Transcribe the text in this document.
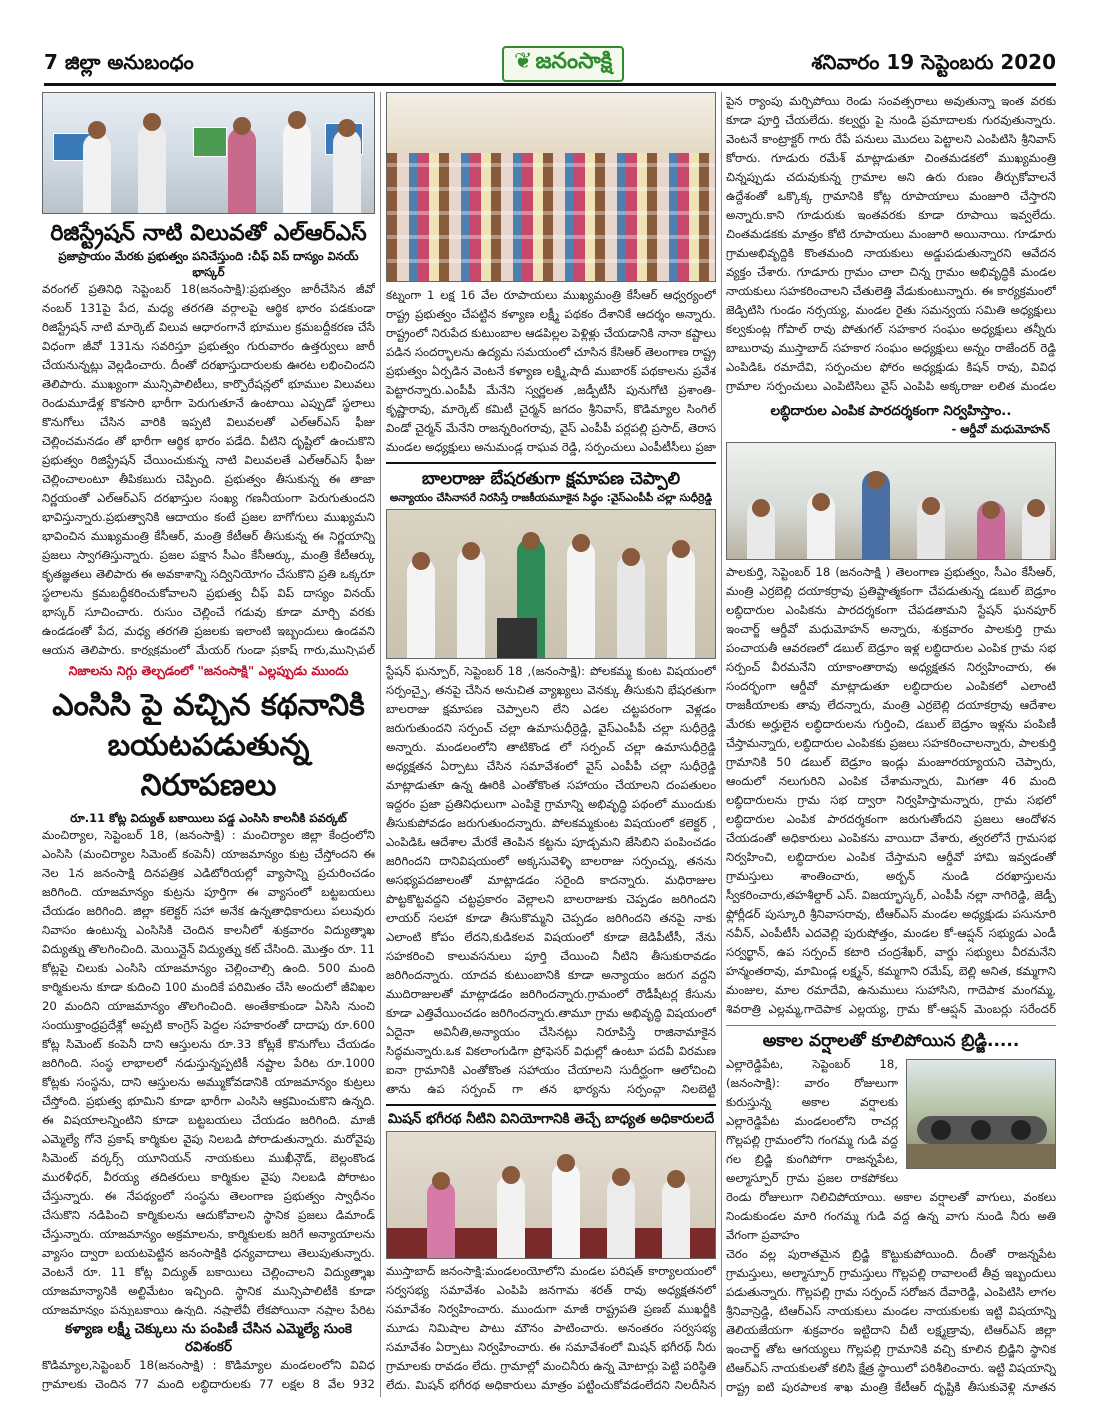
7 జిల్లా అనుబంధం	❦ జనంసాక్షి	శనివారం 19 సెప్టెంబరు 2020
రిజిస్ట్రేషన్ నాటి విలువతో ఎల్ఆర్ఎస్
ప్రజాప్రాయం మేరకు ప్రభుత్వం పనిచేస్తుంది :చీఫ్ విప్ దాస్యం వినయ్ భాస్కర్
వరంగల్ ప్రతినిధి సెప్టెంబర్ 18(జనంసాక్షి):ప్రభుత్వం జారీచేసిన జీవో నంబర్ 131పై పేద, మధ్య తరగతి వర్గాలపై ఆర్థిక భారం పడకుండా రిజిస్ట్రేషన్ నాటి మార్కెట్ విలువ ఆధారంగానే భూముల క్రమబద్దీకరణ చేసే విధంగా జీవో 131ను సవరిస్తూ ప్రభుత్వం గురువారం ఉత్తర్వులు జారీ చేయనున్నట్లు వెల్లడించారు. దీంతో దరఖాస్తుదారులకు ఊరట లభించిందని తెలిపారు. ముఖ్యంగా మున్సిపాలిటీలు, కార్పొరేషన్లలో భూముల విలువలు రెండుమూడేళ్ల కొకసారి భారీగా పెరుగుతూనే ఉంటాయి ఎప్పుడో స్థలాలు కొనుగోలు చేసిన వారికి ఇప్పటి విలువలతో ఎల్ఆర్ఎస్ ఫీజు చెల్లించమనడం తో భారీగా ఆర్థిక భారం పడేది. వీటిని దృష్టిలో ఉంచుకొని ప్రభుత్వం రిజిస్ట్రేషన్ చేయించుకున్న నాటి విలువలతే ఎల్ఆర్ఎస్ ఫీజు చెల్లించాలంటూ తీపికబురు చెప్పింది. ప్రభుత్వం తీసుకున్న ఈ తాజా నిర్ణయంతో ఎల్ఆర్ఎస్ దరఖాస్తుల సంఖ్య గణనీయంగా పెరుగుతుందని భావిస్తున్నారు.ప్రభుత్వానికి ఆదాయం కంటే ప్రజల బాగోగులు ముఖ్యమని భావించిన ముఖ్యమంత్రి కేసీఆర్, మంత్రి కేటీఆర్ తీసుకున్న ఈ నిర్ణయాన్ని ప్రజలు స్వాగతిస్తున్నారు. ప్రజల పక్షాన సీఎం కేసీఆర్కు, మంత్రి కేటీఆర్కు కృతజ్ఞతలు తెలిపారు ఈ అవకాశాన్ని సద్వినియోగం చేసుకొని ప్రతి ఒక్కరూ స్థలాలను క్రమబద్ధీకరించుకోవాలని ప్రభుత్వ చీఫ్ విప్ దాస్యం వినయ్ భాస్కర్ సూచించారు. రుసుం చెల్లించే గడువు కూడా మార్చి వరకు ఉండడంతో పేద, మధ్య తరగతి ప్రజలకు ఇలాంటి ఇబ్బందులు ఉండవని ఆయన తెలిపారు. కార్యక్రమంలో మేయర్ గుండా ప్రకాష్ గారు,మున్సిపల్
నిజాలను నిగ్గు తెల్చడంలో "జనంసాక్షి" ఎల్లప్పుడు ముందు
ఎంసిసి పై వచ్చిన కథనానికి
బయటపడుతున్న నిరూపణలు
రూ.11 కోట్ల విద్యుత్ బకాయిలు పడ్డ ఎంసిసి కాలనీకి పవర్కట్
మంచిర్యాల, సెప్టెంబర్ 18, (జనంసాక్షి) : మంచిర్యాల జిల్లా కేంద్రంలోని ఎంసిసి (మంచిర్యాల సిమెంట్ కంపెనీ) యాజమాన్యం కుట్ర చేస్తోందని ఈ నెల 1న జనంసాక్షి దినపత్రిక ఎడిటోరియల్లో వ్యాసాన్ని ప్రచురించడం జరిగింది. యాజమాన్యం కుట్రను పూర్తిగా ఈ వ్యాసంలో బట్టబయలు చేయడం జరిగింది. జిల్లా కలెక్టర్ సహా అనేక ఉన్నతాధికారులు పలువురు నివాసం ఉంటున్న ఎంసిసికి చెందిన కాలనీలో శుక్రవారం విద్యుత్శాఖ విద్యుత్ను తొలగించింది. మెయిన్లైన్ విద్యుత్ను కట్ చేసింది. మొత్తం రూ. 11 కోట్లపై చిలుకు ఎంసిసి యాజమాన్యం చెల్లించాల్సి ఉంది. 500 మంది కార్మికులను కూడా కుదించి 100 మందికే పరిమితం చేసి అందులో జీవిఖల 20 మందిని యాజమాన్యం తొలగించింది. అంతేకాకుండా ఏసిసి నుంచి సంయుక్తాంధ్రప్రదేశ్లో అప్పటి కాంగ్రెస్ పెద్దల సహకారంతో దాదాపు రూ.600 కోట్ల సిమెంట్ కంపెనీ దాని ఆస్తులను రూ.33 కోట్లకే కొనుగోలు చేయడం జరిగింది. సంస్థ లాభాలలో నడుస్తున్నప్పటికీ నష్టాల పేరిట రూ.1000 కోట్లకు సంస్థను, దాని ఆస్తులను అమ్ముకోవడానికి యాజమాన్యం కుట్రలు చేస్తోంది. ప్రభుత్వ భూమిని కూడా భారీగా ఎంసిసి ఆక్రమించుకొని ఉన్నది. ఈ విషయాలన్నింటిని కూడా బట్టబయలు చేయడం జరిగింది. మాజీ ఎమ్మెల్యే గోనె ప్రకాష్ కార్మికుల వైపు నిలబడి పోరాడుతున్నారు. మరోవైపు సిమెంట్ వర్కర్స్ యూనియన్ నాయకులు ముఖీన్గౌడ్, బెల్లంకొండ మురళీధర్, వీరయ్య తదితరులు కార్మికుల వైపు నిలబడి పోరాటం చేస్తున్నారు. ఈ నేపథ్యంలో సంస్థను తెలంగాణ ప్రభుత్వం స్వాధీనం చేసుకొని నడిపించి కార్మికులను ఆదుకోవాలని స్థానిక ప్రజలు డిమాండ్ చేస్తున్నారు. యాజమాన్యం అక్రమాలను, కార్మికులకు జరిగే అన్యాయాలను వ్యాసం ద్వారా బయటపెట్టిన జనంసాక్షికి ధన్యవాదాలు తెలుపుతున్నారు. వెంటనే రూ. 11 కోట్ల విద్యుత్ బకాయిలు చెల్లించాలని విద్యుత్శాఖ యాజమాన్యానికి అల్టిమేటం ఇచ్చింది. స్థానిక మున్సిపాలిటీకి కూడా యాజమాన్యం పన్నుబకాయి ఉన్నది. నష్టాలేవీ లేకపోయినా నష్టాల పేరిట
కళ్యాణ లక్ష్మీ చెక్కులు ను పంపిణీ చేసిన ఎమ్మెల్యే సుంకె రవిశంకర్
కొడిమ్యాల,సెప్టెంబర్ 18(జనంసాక్షి) : కొడిమ్యాల మండలంలోని వివిధ గ్రామాలకు చెందిన 77 మంది లబ్ధిదారులకు 77 లక్షల 8 వేల 932
కట్నంగా 1 లక్ష 16 వేల రూపాయలు ముఖ్యమంత్రి కేసీఆర్ ఆధ్వర్యంలో రాష్ట్ర ప్రభుత్వం చేపట్టిన కళ్యాణ లక్ష్మీ పథకం దేశానికే ఆదర్శం అన్నారు. రాష్ట్రంలో నిరుపేద కుటుంబాల ఆడపిల్లల పెళ్లిళ్లు చేయడానికి నానా కష్టాలు పడిన సందర్భాలను ఉద్యమ సమయంలో చూసిన కేసిఆర్ తెలంగాణ రాష్ట్ర ప్రభుత్వం ఏర్పడిన వెంటనే కళ్యాణ లక్ష్మి,షాదీ ముబారక్ పథకాలను ప్రవేశ పెట్టారన్నారు.ఎంపీపీ మేనేని స్వర్ణలత ,జడ్పీటీసీ పునుగోటి ప్రశాంతి-కృష్ణారావు, మార్కెట్ కమిటీ చైర్మన్ జగదం శ్రీనివాస్, కొడిమ్యాల సింగిల్ విండో చైర్మన్ మేనేని రాజన్నరింగరావు, వైస్ ఎంపీపీ పర్లపల్లి ప్రసాద్, తెరాస మండల అధ్యక్షులు అనుమండ్ల రాఘవ రెడ్డి, సర్పంచులు ఎంపీటీసీలు ప్రజా
బాలరాజు బేషరతుగా క్షమాపణ చెప్పాలి
అన్యాయం చేసినాసరే నిరసిస్తే రాజకీయమూకైన సిద్ధం :వైస్ఎంపీపీ చల్లా సుధీర్రెడ్డి
స్టేషన్ ఘన్పూర్, సెప్టెంబర్ 18 ,(జనంసాక్షి): పోలకమ్మ కుంట విషయంలో సర్పంచ్పై, తనపై చేసిన అనుచిత వ్యాఖ్యలు వెనక్కు తీసుకుని భేషరతుగా బాలరాజు క్షమాపణ చెప్పాలని లేని ఎడల చట్టపరంగా వెళ్లడం జరుగుతుందని సర్పంచ్ చల్లా ఉమాసుధీర్రెడ్డి, వైస్ఎంపీపీ చల్లా సుధీర్రెడ్డి అన్నారు. మండలంలోని తాటికొండ లో సర్పంచ్ చల్లా ఉమాసుధీర్రెడ్డి అధ్యక్షతన ఏర్పాటు చేసిన సమావేశంలో వైస్ ఎంపీపీ చల్లా సుధీర్రెడ్డి మాట్లాడుతూ ఉన్న ఊరికి ఎంతోకొంత సహాయం చేయాలని దంపతులం ఇద్దరం ప్రజా ప్రతినిధులుగా ఎంపికై గ్రామాన్ని అభివృద్ధి పథంలో ముందుకు తీసుకుపోవడం జరుగుతుందన్నారు. పోలకమ్మకుంట విషయంలో కలెక్టర్ , ఎంపిడిఓ ఆదేశాల మేరకే తెంపిన కట్టను పూడ్చమని జేసిబిని పంపించడం జరిగిందని దానివిషయంలో అక్కసువెళ్ళి బాలరాజు సర్పంచ్ను, తనను అసభ్యపదజాలంతో మాట్లాడడం సరైంది కాదన్నారు. మధిరాజుల పొట్టకొట్టవద్దని చట్టప్రకారం వెల్లాలని బాలరాజుకు చెప్పడం జరిగిందని లాయర్ సలహా కూడా తీసుకొమ్మని చెప్పడం జరిగిందని తనపై నాకు ఎలాంటి కోపం లేదని,కుడికలవ విషయంలో కూడా జెడిపీటీసీ, నేను సహకరించి కాలువసనులు పూర్తి చేయించి నీటిని తీసుకురావడం జరిగిందన్నారు. యాదవ కుటుంబానికి కూడా అన్యాయం జరుగ వద్దని ముదిరాజులతో మాట్లాడడం జరిగిందన్నారు.గ్రామంలో రౌడీషీటర్ల కేసును కూడా ఎత్తివేయించడం జరిగిందన్నారు.తామూ గ్రామ అభివృద్ధి విషయంలో ఏదైనా అవినీతి,అన్యాయం చేసినట్లు నిరూపిస్తే రాజినామాకైన సిద్ధమన్నారు.ఒక వికలాంగుడిగా ప్రోఫెసర్ విధుల్లో ఉంటూ పదవీ విరమణ ఐనా గ్రామానికి ఎంతోకొంత సహాయం చేయాలని సుదీర్ఘంగా ఆలోచించి తాను ఉప సర్పంచ్ గా తన భార్యను సర్పంచ్గా నిలబెట్టి
మిషన్ భగీరథ నీటిని వినియోగానికి తెచ్చే బాధ్యత అధికారులదే
ముస్తాబాద్ జనంసాక్షి:మండలంయోలోని మండల పరిషత్ కార్యాలయంలో సర్వసభ్య సమావేశం ఎంపిపి జనగామ శరత్ రావు అధ్యక్షతనలో సమావేశం నిర్వహించారు. ముందుగా మాజీ రాష్ట్రపతి ప్రణబ్ ముఖర్జీకి మూడు నిమిషాల పాటు మౌనం పాటించారు. అనంతరం సర్వసభ్య సమావేశం ఏర్పాటు నిర్వహించారు. ఈ సమావేశంలో మిషన్ భగీరథ్ నీరు గ్రామాలకు రావడం లేదు. గ్రామాల్లో మంచినీరు ఉన్న మోటార్లు పెట్టి పరిస్థితి లేదు. మిషన్ భగీరథ అధికారులు మాత్రం పట్టించుకోవడంలేదని నిలదీసిన
పైన ర్యాంపు మర్చిపోయి రెండు సంవత్సరాలు అవుతున్నా ఇంత వరకు కూడా పూర్తి చేయలేదు. కల్వర్టు పై నుండి ప్రమాదాలకు గురవుతున్నారు. వెంటనే కాంట్రాక్టర్ గారు రేపే పనులు మొదలు పెట్టాలని ఎంపిటిసి శ్రీనివాస్ కోరారు. గూడురు రమేశ్ మాట్లాడుతూ చింతమడకలో ముఖ్యమంత్రి చిన్నప్పుడు చదువుకున్న గ్రామాల అని ఉరు రుణం తీర్చుకోవాలనే ఉద్దేశంతో ఒక్కొక్క గ్రామానికి కోట్ల రూపాయాలు మంజూరి చేస్తారని అన్నారు.కాని గూడురుకు ఇంతవరకు కూడా రూపాయి ఇవ్వలేదు. చింతమడకకు మాత్రం కోటి రూపాయలు మంజూరి అయినాయి. గూడూరు గ్రామఅభివృద్దికి కొంతమంది నాయకులు అడ్డుపడుతున్నారని ఆవేదన వ్యక్తం చేశారు. గూడూరు గ్రామం చాలా చిన్న గ్రామం అభివృద్ధికి మండల నాయకులు సహకరించాలని చేతులెత్తి వేడుకుంటున్నారు. ఈ కార్యక్రమంలో జెడ్పిటిసి గుండం నర్సయ్య, మండల రైతు సమన్వయ సమితి అధ్యక్షులు కల్వకుంట్ల గోపాల్ రావు పోతుగల్ సహకార సంఘం అధ్యక్షులు తన్నీరు బాబురావు ముస్తాబాద్ సహకార సంఘం అధ్యక్షులు అన్నం రాజేందర్ రెడ్డి ఎంపిడిఓ రమాదేవి, సర్పంచుల ఫోరం అధ్యక్షుడు కిషన్ రావు, వివిధ గ్రామాల సర్పంచులు ఎంపిటిసిలు వైస్ ఎంపిపి అక్కరాజు లలిత మండల
లబ్ధిదారుల ఎంపిక పారదర్శకంగా నిర్వహిస్తాం..
- ఆర్డీవో మధుమోహన్
పాలకుర్తి, సెప్టెంబర్ 18 (జనంసాక్షి ) తెలంగాణ ప్రభుత్వం, సీఎం కేసీఆర్, మంత్రి ఎర్రబెల్లి దయాకర్రావు ప్రతిష్టాత్మకంగా చేపడుతున్న డబుల్ బెడ్రూం లబ్ధిదారుల ఎంపికను పారదర్శకంగా చేపడతామని స్టేషన్ ఘనపూర్ ఇంచార్జ్ ఆర్డీవో మధుమోహన్ అన్నారు, శుక్రవారం పాలకుర్తి గ్రామ పంచాయతీ ఆవరణలో డబుల్ బెడ్రూం ఇళ్ల లబ్ధిదారుల ఎంపిక గ్రామ సభ సర్పంచ్ వీరమనేని యాకాంతారావు అధ్యక్షతన నిర్వహించారు, ఈ సందర్భంగా ఆర్డీవో మాట్లాడుతూ లబ్ధిదారుల ఎంపికలో ఎలాంటి రాజకీయాలకు తావు లేదన్నారు, మంత్రి ఎర్రబెల్లి దయాకర్రావు ఆదేశాల మేరకు అర్హులైన లబ్ధిదారులను గుర్తించి, డబుల్ బెడ్రూం ఇళ్లను పంపిణీ చేస్తామన్నారు, లబ్ధిదారుల ఎంపికకు ప్రజలు సహకరించాలన్నారు, పాలకుర్తి గ్రామానికి 50 డబుల్ బెడ్రూం ఇండ్లు మంజూరయ్యాయని చెప్పారు, ఆందులో నలుగురిని ఎంపిక చేశామన్నారు, మిగతా 46 మంది లబ్ధిదారులను గ్రామ సభ ద్వారా నిర్వహిస్తామన్నారు, గ్రామ సభలో లబ్ధిదారుల ఎంపిక పారదర్శకంగా జరుగుతోందని ప్రజలు ఆందోళన చేయడంతో అధికారులు ఎంపికను వాయిదా వేశారు, త్వరలోనే గ్రామసభ నిర్వహించి, లబ్ధిదారుల ఎంపిక చేస్తామని ఆర్డీవో హామి ఇవ్వడంతో గ్రామస్తులు శాంతించారు, అర్బన్ నుండి దరఖాస్తులను స్వీకరించారు,తహశీల్దార్ ఎస్. విజయ్భాస్కర్, ఎంపీపీ నల్లా నాగిరెడ్డి, జెడ్పీ ఫ్లోర్లీడర్ పుస్కూరి శ్రీనివాసరావు, టీఆర్ఎస్ మండల అధ్యక్షుడు పసునూరి నవీన్, ఎంపీటీసీ ఎదవెల్లి పురుషోత్తం, మండల కో-ఆప్షన్ సభ్యుడు ఎండీ సర్వర్ఖాన్, ఉప సర్పంచ్ కటారి చంద్రశేఖర్, వార్డు సభ్యులు వీరమనేని హన్మంతరావు, మామిండ్ల లక్ష్మన్, కమ్మగాని రమేష్, బెల్లి అనిత, కమ్మగాని మంజుల, మాల రమాదేవి, ఉనుములు సుహాసిని, గాదెపాక మంగమ్మ, శివరాత్రి ఎల్లమ్మ,గాదెపాక ఎల్లయ్య, గ్రామ కో-ఆప్షన్ మెంబర్లు సరేందర్
అకాల వర్షాలతో కూలిపోయిన బ్రిడ్జి.....
ఎల్లారెడ్డిపేట, సెప్టెంబర్ 18,(జనంసాక్షి): వారం రోజులుగా కురుస్తున్న అకాల వర్షాలకు ఎల్లారెడ్డిపేట మండలంలోని రాచర్ల గొల్లపల్లి గ్రామంలోని గంగమ్మ గుడి వద్ద గల బ్రిడ్జి కుంగిపోగా రాజన్నపేట, అల్మాస్పూర్ గ్రామ ప్రజల రాకపోకలు రెండు రోజులుగా నిలిచిపోయాయి. అకాల వర్షాలతో వాగులు, వంకలు నిండుకుండల మారి గంగమ్మ గుడి వద్ద ఉన్న వాగు నుండి నీరు అతి వేగంగా ప్రవాహం
చెరం వల్ల పురాతమైన బ్రిడ్జి కొట్టుకుపోయింది. దీంతో రాజన్నపేట గ్రామస్తులు, అల్మాస్పూర్ గ్రామస్తులు గొల్లపల్లి రావాలంటే తీవ్ర ఇబ్బందులు పడుతున్నారు. గొల్లపల్లి గ్రామ సర్పంచ్ సరోజన దేవారెడ్డి, ఎంపిటిసి లాగల శ్రీనివాస్రెడ్డి, టిఆర్ఎస్ నాయకులు మండల నాయకులకు ఇట్టి విషయాన్ని తెలియజేయగా శుక్రవారం ఇట్టిదాని చీటీ లక్ష్మణ్రావు, టిఆర్ఎస్ జిల్లా ఇంచార్జ్ తోట ఆగయ్యలు గొల్లపల్లి గ్రామానికి వచ్చి కూలిన బ్రిడ్జిని స్థానిక టిఆర్ఎస్ నాయకులతో కలిసి క్షేత్ర స్థాయిలో పరిశీలించారు. ఇట్టి విషయాన్ని రాష్ట్ర ఐటి పురపాలక శాఖ మంత్రి కేటీఆర్ దృష్టికి తీసుకువెళ్లి నూతన
